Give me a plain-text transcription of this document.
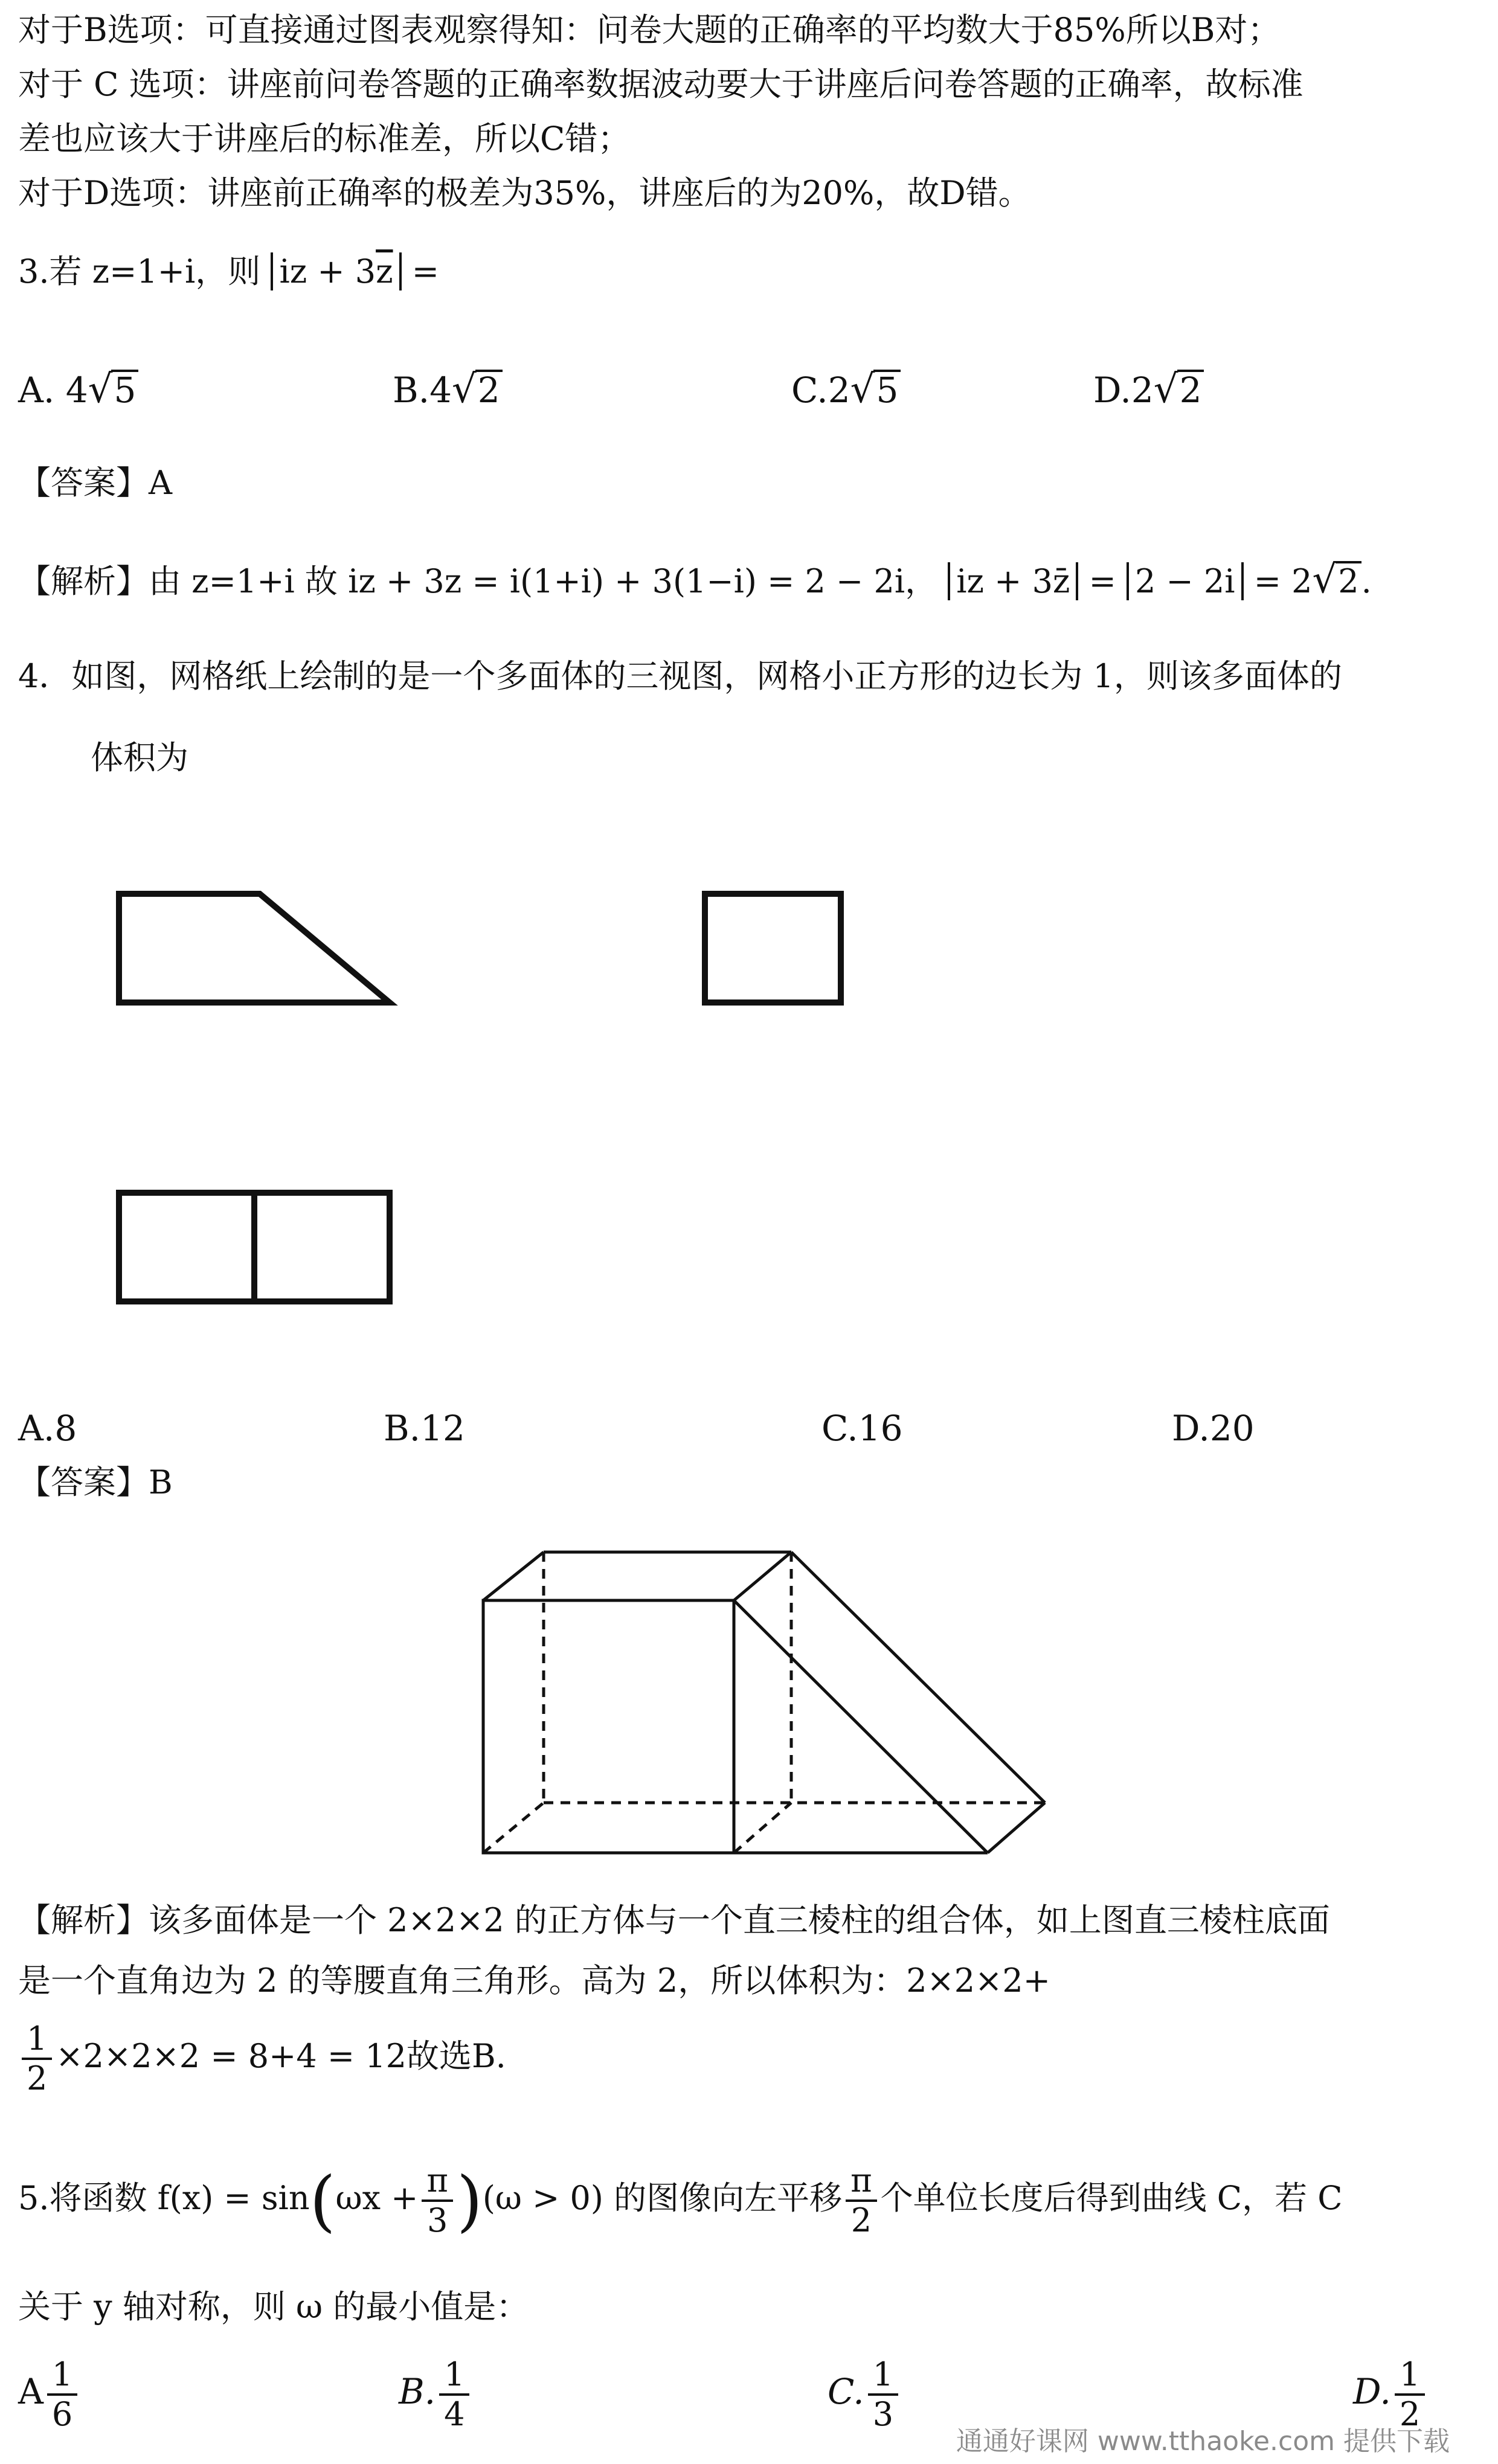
对于B选项：可直接通过图表观察得知：问卷大题的正确率的平均数大于85%所以B对；
对于 C 选项：讲座前问卷答题的正确率数据波动要大于讲座后问卷答题的正确率，故标准
差也应该大于讲座后的标准差，所以C错；
对于D选项：讲座前正确率的极差为35%，讲座后的为20%，故D错。
3.若 z=1+i，则 iz + $3\overline{z}$ =
A. 4√5	B.4√2	C.2√5	D.2√2
【答案】A
【解析】由 z=1+i 故 iz + 3z = i(1+i) + 3(1−i) = 2 − 2i， iz + 3z̄ = 2 − 2i = 2√2.
4．如图，网格纸上绘制的是一个多面体的三视图，网格小正方形的边长为 1，则该多面体的
体积为
A.8	B.12	C.16	D.20
【答案】B
【解析】该多面体是一个 2×2×2 的正方体与一个直三棱柱的组合体，如上图直三棱柱底面
是一个直角边为 2 的等腰直角三角形。高为 2，所以体积为：2×2×2+
$\frac{1}{2} \times 2\times 2\times 2 = 8+4 = 12$故选B.
5.将函数 $f(x) = \sin(\omega x + \frac{\pi}{3} )(\omega > 0)$ 的图像向左平移 $\frac{\pi}{2}$ 个单位长度后得到曲线 C，若 C
关于 y 轴对称，则 ω 的最小值是：
A $\frac{1}{6}$	B. $\frac{1}{4}$	C. $\frac{1}{3}$	D. $\frac{1}{2}$
通通好课网 www.tthaoke.com 提供下载
